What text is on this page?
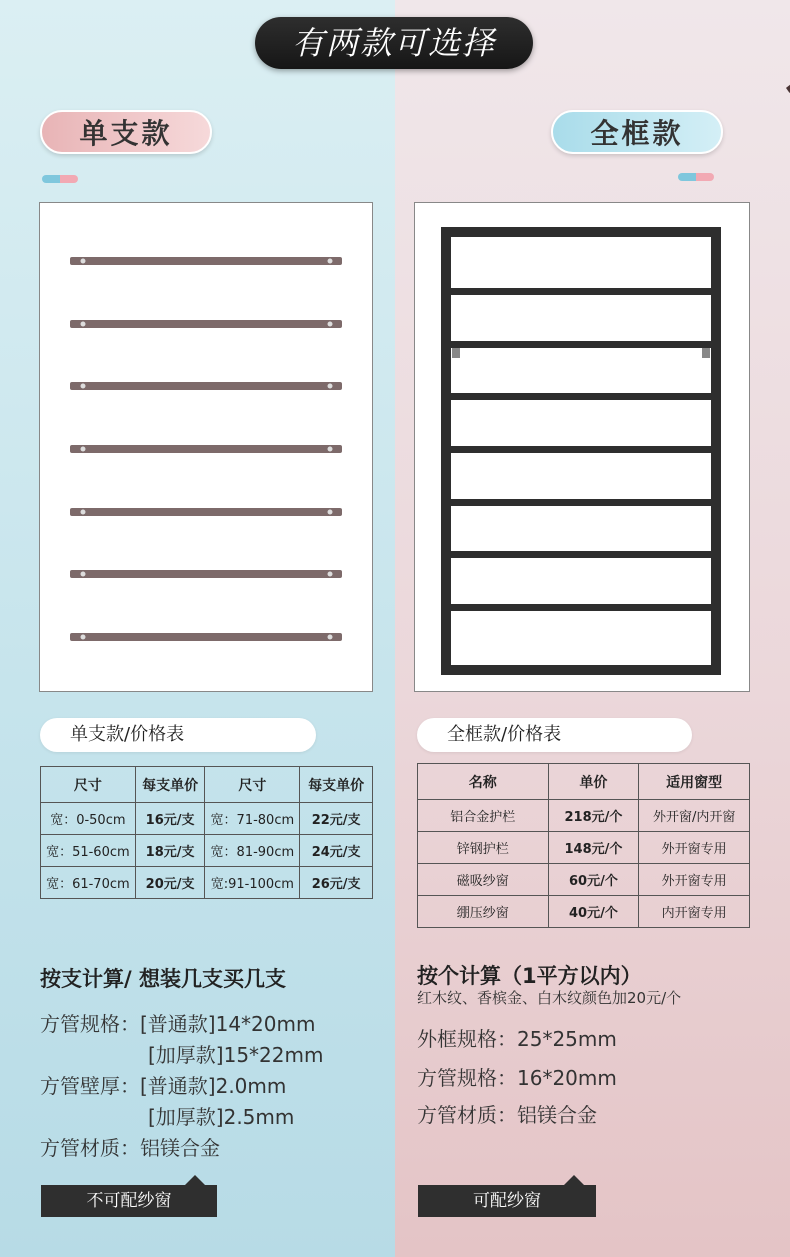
有两款可选择
单支款	全框款
单支款/价格表	全框款/价格表
尺寸	每支单价	尺寸	每支单价
宽：0-50cm	16元/支	宽：71-80cm	22元/支
宽：51-60cm	18元/支	宽：81-90cm	24元/支
宽：61-70cm	20元/支	宽:91-100cm	26元/支
名称	单价	适用窗型
铝合金护栏	218元/个	外开窗/内开窗
锌钢护栏	148元/个	外开窗专用
磁吸纱窗	60元/个	外开窗专用
绷压纱窗	40元/个	内开窗专用
按支计算/ 想装几支买几支	按个计算（1平方以内）
红木纹、香槟金、白木纹颜色加20元/个
方管规格：[普通款]14*20mm
[加厚款]15*22mm
方管壁厚：[普通款]2.0mm
[加厚款]2.5mm
方管材质：铝镁合金
外框规格：25*25mm
方管规格：16*20mm
方管材质：铝镁合金
不可配纱窗	可配纱窗
